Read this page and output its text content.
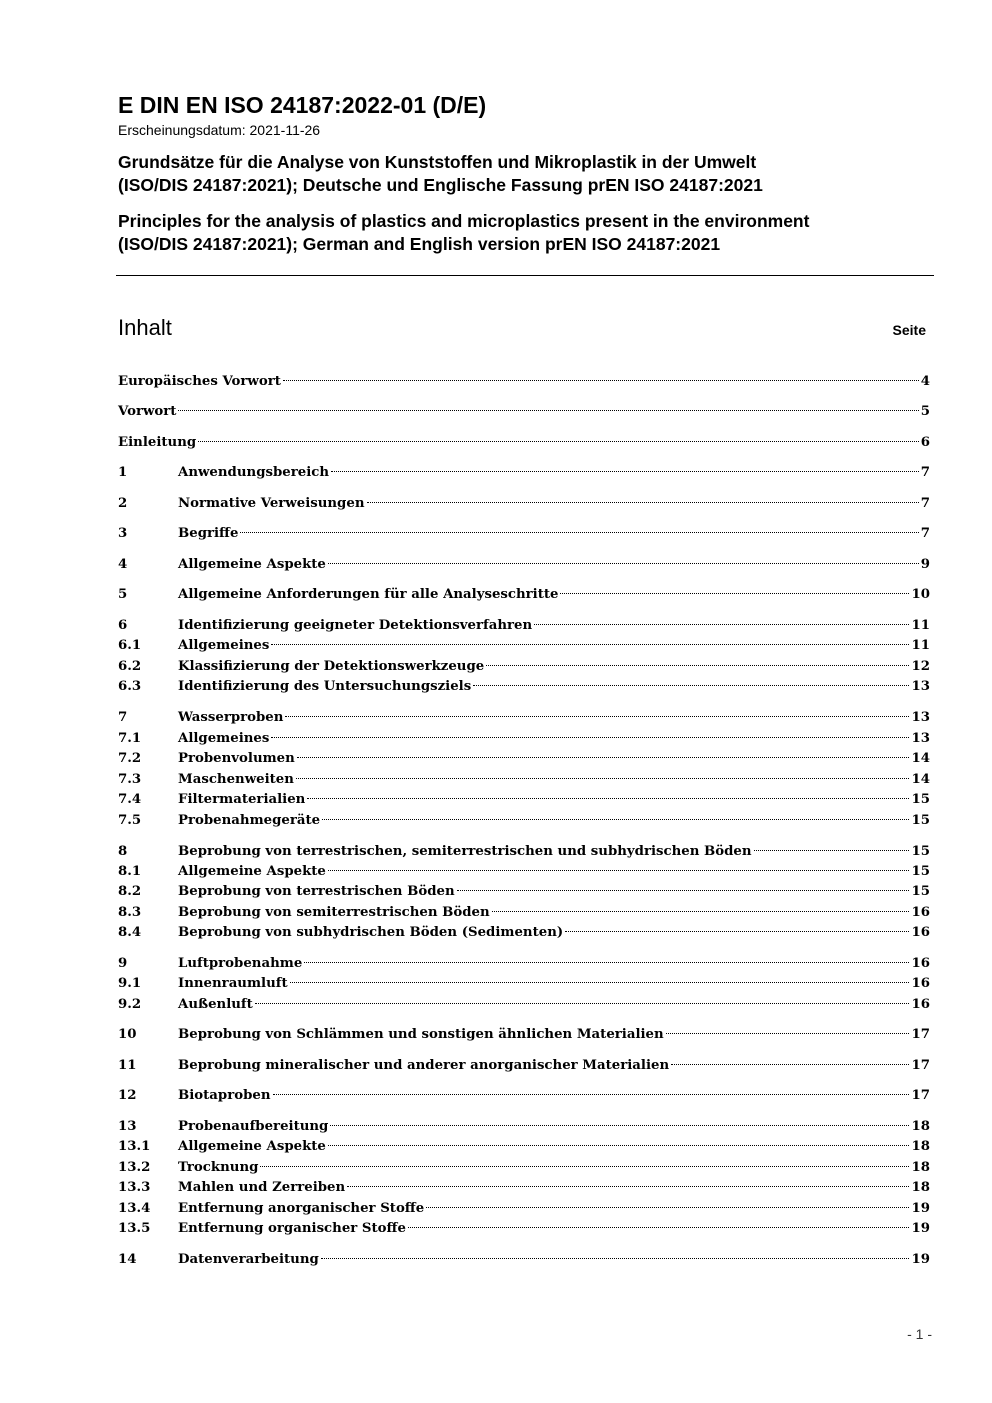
E DIN EN ISO 24187:2022-01 (D/E)

Erscheinungsdatum: 2021-11-26

Grundsätze für die Analyse von Kunststoffen und Mikroplastik in der Umwelt
(ISO/DIS 24187:2021); Deutsche und Englische Fassung prEN ISO 24187:2021

Principles for the analysis of plastics and microplastics present in the environment
(ISO/DIS 24187:2021); German and English version prEN ISO 24187:2021

Inhalt	Seite
Europäisches Vorwort	4
Vorwort	5
Einleitung	6
1	Anwendungsbereich	7
2	Normative Verweisungen	7
3	Begriffe	7
4	Allgemeine Aspekte	9
5	Allgemeine Anforderungen für alle Analyseschritte	10
6	Identifizierung geeigneter Detektionsverfahren	11
6.1	Allgemeines	11
6.2	Klassifizierung der Detektionswerkzeuge	12
6.3	Identifizierung des Untersuchungsziels	13
7	Wasserproben	13
7.1	Allgemeines	13
7.2	Probenvolumen	14
7.3	Maschenweiten	14
7.4	Filtermaterialien	15
7.5	Probenahmegeräte	15
8	Beprobung von terrestrischen, semiterrestrischen und subhydrischen Böden	15
8.1	Allgemeine Aspekte	15
8.2	Beprobung von terrestrischen Böden	15
8.3	Beprobung von semiterrestrischen Böden	16
8.4	Beprobung von subhydrischen Böden (Sedimenten)	16
9	Luftprobenahme	16
9.1	Innenraumluft	16
9.2	Außenluft	16
10	Beprobung von Schlämmen und sonstigen ähnlichen Materialien	17
11	Beprobung mineralischer und anderer anorganischer Materialien	17
12	Biotaproben	17
13	Probenaufbereitung	18
13.1	Allgemeine Aspekte	18
13.2	Trocknung	18
13.3	Mahlen und Zerreiben	18
13.4	Entfernung anorganischer Stoffe	19
13.5	Entfernung organischer Stoffe	19
14	Datenverarbeitung	19
- 1 -
